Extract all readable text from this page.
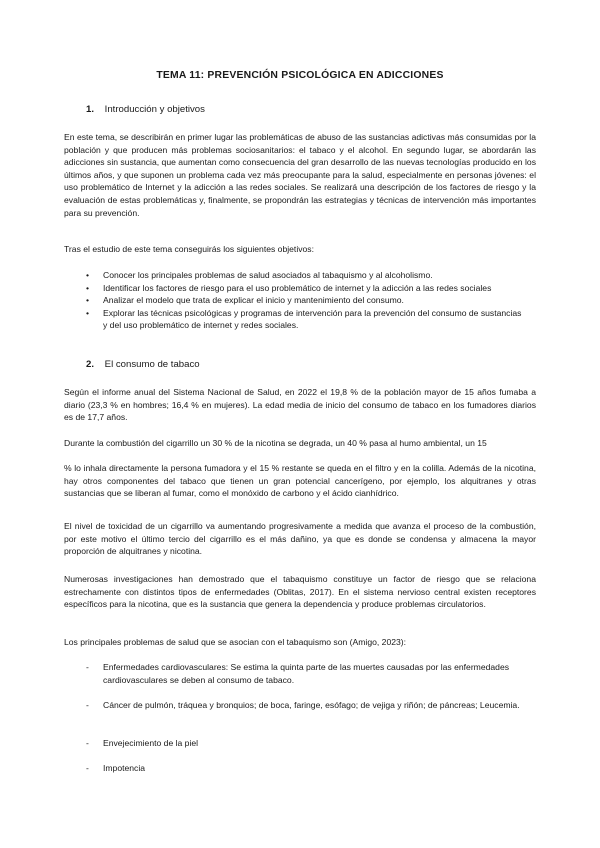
TEMA 11: PREVENCIÓN PSICOLÓGICA EN ADICCIONES
1. Introducción y objetivos

En este tema, se describirán en primer lugar las problemáticas de abuso de las sustancias adictivas más consumidas por la población y que producen más problemas sociosanitarios: el tabaco y el alcohol. En segundo lugar, se abordarán las adicciones sin sustancia, que aumentan como consecuencia del gran desarrollo de las nuevas tecnologías producido en los últimos años, y que suponen un problema cada vez más preocupante para la salud, especialmente en personas jóvenes: el uso problemático de Internet y la adicción a las redes sociales. Se realizará una descripción de los factores de riesgo y la evaluación de estas problemáticas y, finalmente, se propondrán las estrategias y técnicas de intervención más importantes para su prevención.

Tras el estudio de este tema conseguirás los siguientes objetivos:

• Conocer los principales problemas de salud asociados al tabaquismo y al alcoholismo.
• Identificar los factores de riesgo para el uso problemático de internet y la adicción a las redes sociales
• Analizar el modelo que trata de explicar el inicio y mantenimiento del consumo.
• Explorar las técnicas psicológicas y programas de intervención para la prevención del consumo de sustancias y del uso problemático de internet y redes sociales.
2. El consumo de tabaco

Según el informe anual del Sistema Nacional de Salud, en 2022 el 19,8 % de la población mayor de 15 años fumaba a diario (23,3 % en hombres; 16,4 % en mujeres). La edad media de inicio del consumo de tabaco en los fumadores diarios es de 17,7 años.

Durante la combustión del cigarrillo un 30 % de la nicotina se degrada, un 40 % pasa al humo ambiental, un 15

% lo inhala directamente la persona fumadora y el 15 % restante se queda en el filtro y en la colilla. Además de la nicotina, hay otros componentes del tabaco que tienen un gran potencial cancerígeno, por ejemplo, los alquitranes y otras sustancias que se liberan al fumar, como el monóxido de carbono y el ácido cianhídrico.

El nivel de toxicidad de un cigarrillo va aumentando progresivamente a medida que avanza el proceso de la combustión, por este motivo el último tercio del cigarrillo es el más dañino, ya que es donde se condensa y almacena la mayor proporción de alquitranes y nicotina.

Numerosas investigaciones han demostrado que el tabaquismo constituye un factor de riesgo que se relaciona estrechamente con distintos tipos de enfermedades (Oblitas, 2017). En el sistema nervioso central existen receptores específicos para la nicotina, que es la sustancia que genera la dependencia y produce problemas circulatorios.

Los principales problemas de salud que se asocian con el tabaquismo son (Amigo, 2023):

- Enfermedades cardiovasculares: Se estima la quinta parte de las muertes causadas por las enfermedades cardiovasculares se deben al consumo de tabaco.
- Cáncer de pulmón, tráquea y bronquios; de boca, faringe, esófago; de vejiga y riñón; de páncreas; Leucemia.
- Envejecimiento de la piel
- Impotencia
